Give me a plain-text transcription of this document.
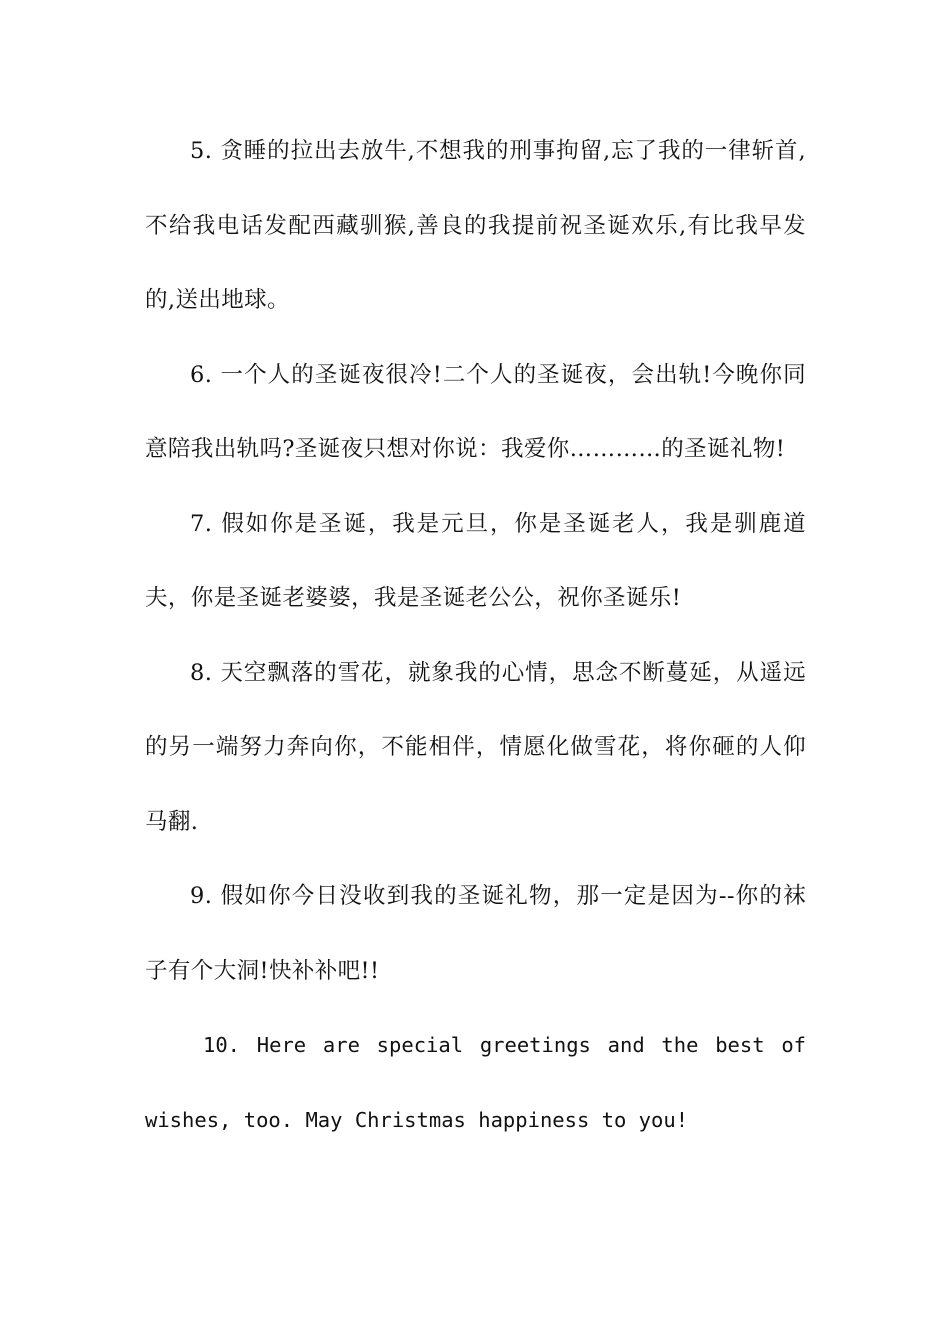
5. 贪睡的拉出去放牛,不想我的刑事拘留,忘了我的一律斩首,不给我电话发配西藏驯猴,善良的我提前祝圣诞欢乐,有比我早发的,送出地球。

6. 一个人的圣诞夜很冷!二个人的圣诞夜，会出轨!今晚你同意陪我出轨吗?圣诞夜只想对你说：我爱你…………的圣诞礼物!

7. 假如你是圣诞，我是元旦，你是圣诞老人，我是驯鹿道夫，你是圣诞老婆婆，我是圣诞老公公，祝你圣诞乐!

8. 天空飘落的雪花，就象我的心情，思念不断蔓延，从遥远的另一端努力奔向你，不能相伴，情愿化做雪花，将你砸的人仰马翻.

9. 假如你今日没收到我的圣诞礼物，那一定是因为--你的袜子有个大洞!快补补吧!!

10. Here are special greetings and the best of wishes, too. May Christmas happiness to you!
